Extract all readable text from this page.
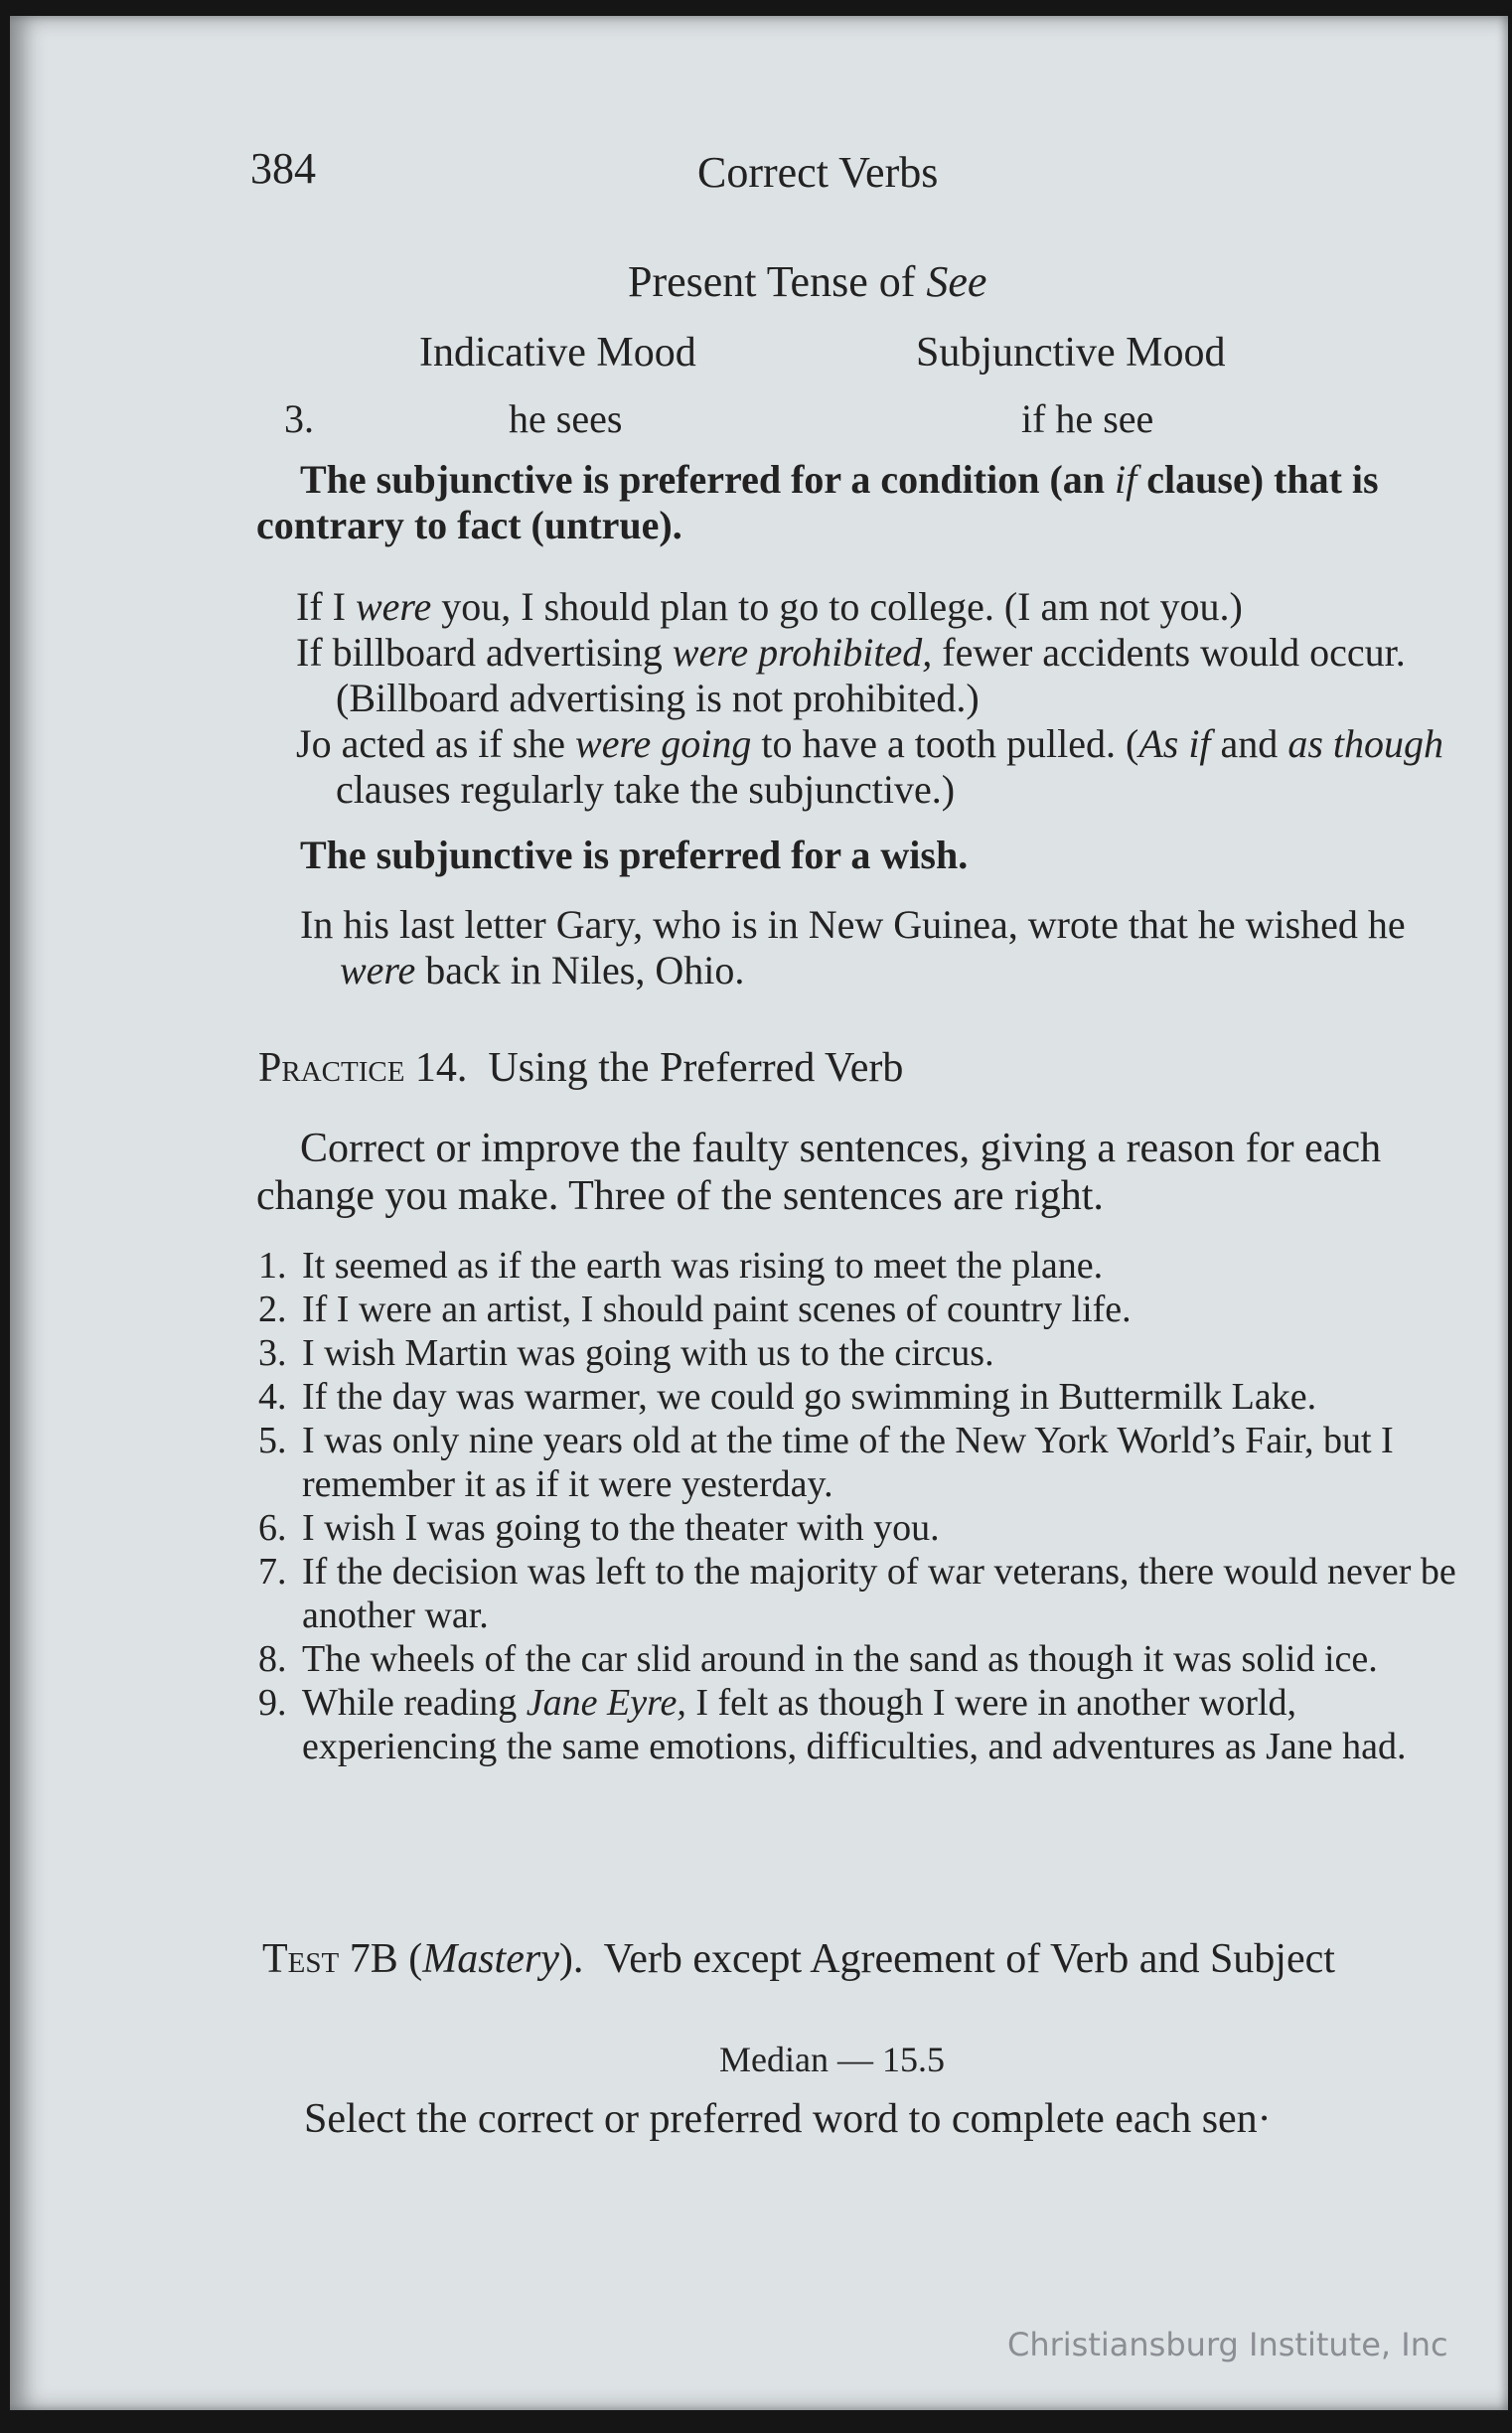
384	Correct Verbs
Present Tense of See
Indicative Mood	Subjunctive Mood
3.	he sees	if he see
The subjunctive is preferred for a condition (an if clause) that is contrary to fact (untrue).
If I were you, I should plan to go to college. (I am not you.)
If billboard advertising were prohibited, fewer accidents would occur. (Billboard advertising is not prohibited.)
Jo acted as if she were going to have a tooth pulled. (As if and as though clauses regularly take the subjunctive.)
The subjunctive is preferred for a wish.
In his last letter Gary, who is in New Guinea, wrote that he wished he were back in Niles, Ohio.
Practice 14. Using the Preferred Verb
Correct or improve the faulty sentences, giving a reason for each change you make. Three of the sentences are right.
1. It seemed as if the earth was rising to meet the plane.
2. If I were an artist, I should paint scenes of country life.
3. I wish Martin was going with us to the circus.
4. If the day was warmer, we could go swimming in Buttermilk Lake.
5. I was only nine years old at the time of the New York World’s Fair, but I remember it as if it were yesterday.
6. I wish I was going to the theater with you.
7. If the decision was left to the majority of war veterans, there would never be another war.
8. The wheels of the car slid around in the sand as though it was solid ice.
9. While reading Jane Eyre, I felt as though I were in another world, experiencing the same emotions, difficulties, and adventures as Jane had.
Test 7B (Mastery). Verb except Agreement of Verb and Subject
Median — 15.5
Select the correct or preferred word to complete each sen·
Christiansburg Institute, Inc
